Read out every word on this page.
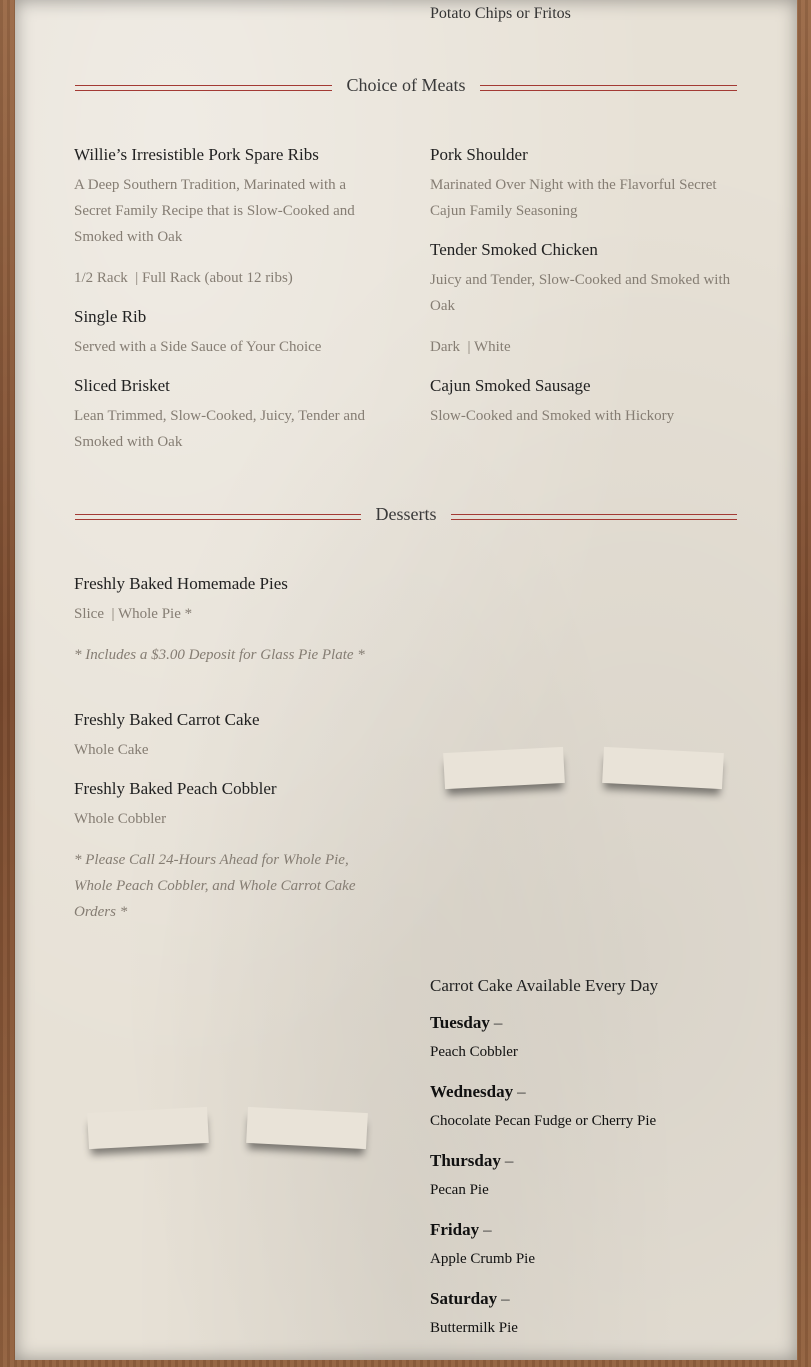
Potato Chips or Fritos
Choice of Meats
Willie’s Irresistible Pork Spare Ribs
A Deep Southern Tradition, Marinated with a Secret Family Recipe that is Slow-Cooked and Smoked with Oak
1/2 Rack  | Full Rack (about 12 ribs)
Single Rib
Served with a Side Sauce of Your Choice
Sliced Brisket
Lean Trimmed, Slow-Cooked, Juicy, Tender and Smoked with Oak
Pork Shoulder
Marinated Over Night with the Flavorful Secret Cajun Family Seasoning
Tender Smoked Chicken
Juicy and Tender, Slow-Cooked and Smoked with Oak
Dark  | White
Cajun Smoked Sausage
Slow-Cooked and Smoked with Hickory
Desserts
Freshly Baked Homemade Pies
Slice  | Whole Pie *
* Includes a $3.00 Deposit for Glass Pie Plate *
Freshly Baked Carrot Cake
Whole Cake
Freshly Baked Peach Cobbler
Whole Cobbler
* Please Call 24-Hours Ahead for Whole Pie, Whole Peach Cobbler, and Whole Carrot Cake Orders *
Carrot Cake Available Every Day
Tuesday –
Peach Cobbler
Wednesday –
Chocolate Pecan Fudge or Cherry Pie
Thursday –
Pecan Pie
Friday –
Apple Crumb Pie
Saturday –
Buttermilk Pie
